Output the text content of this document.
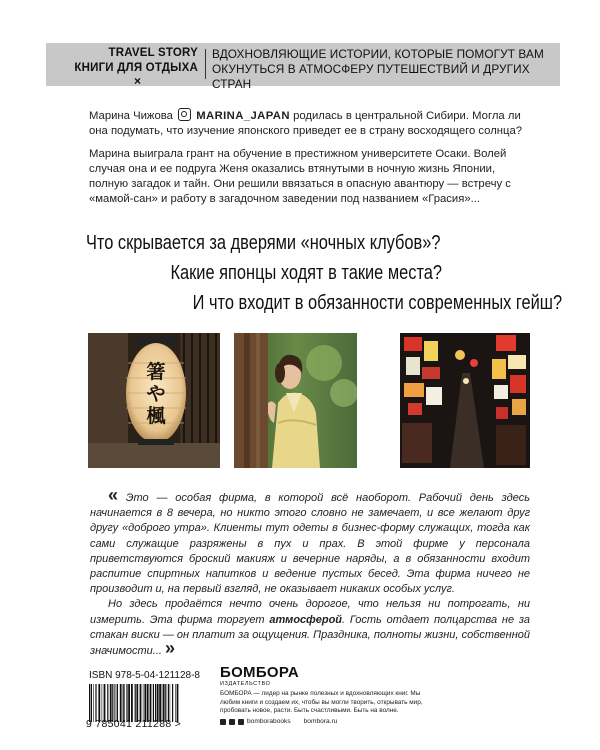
TRAVEL STORY
КНИГИ ДЛЯ ОТДЫХА
×
ВДОХНОВЛЯЮЩИЕ ИСТОРИИ, КОТОРЫЕ ПОМОГУТ ВАМ ОКУНУТЬСЯ В АТМОСФЕРУ ПУТЕШЕСТВИЙ И ДРУГИХ СТРАН

Марина Чижова MARINA_JAPAN родилась в центральной Сибири. Могла ли она подумать, что изучение японского приведет ее в страну восходящего солнца?

Марина выиграла грант на обучение в престижном университете Осаки. Волей случая она и ее подруга Женя оказались втянутыми в ночную жизнь Японии, полную загадок и тайн. Они решили ввязаться в опасную авантюру — встречу с «мамой-сан» и работу в загадочном заведении под названием «Грасия»...

Что скрывается за дверями «ночных клубов»?
Какие японцы ходят в такие места?
И что входит в обязанности современных гейш?
箸
や
楓

« Это — особая фирма, в которой всё наоборот. Рабочий день здесь начинается в 8 вечера, но никто этого словно не замечает, и все желают друг другу «доброго утра». Клиенты тут одеты в бизнес-форму служащих, тогда как сами служащие разряжены в пух и прах. В этой фирме у персонала приветствуются броский макияж и вечерние наряды, а в обязанности входит распитие спиртных напитков и ведение пустых бесед. Эта фирма ничего не производит и, на первый взгляд, не оказывает никаких особых услуг.

Но здесь продаётся нечто очень дорогое, что нельзя ни потрогать, ни измерить. Эта фирма торгует атмосферой. Гость отдает полцарства не за стакан виски — он платит за ощущения. Праздника, полноты жизни, собственной значимости... »

ISBN 978-5-04-121128-8
9 785041 211288 >
БОМБОРА
ИЗДАТЕЛЬСТВО
БОМБОРА — лидер на рынке полезных и вдохновляющих книг. Мы любим книги и создаем их, чтобы вы могли творить, открывать мир, пробовать новое, расти. Быть счастливыми. Быть на волне.
bomborabooks bombora.ru
